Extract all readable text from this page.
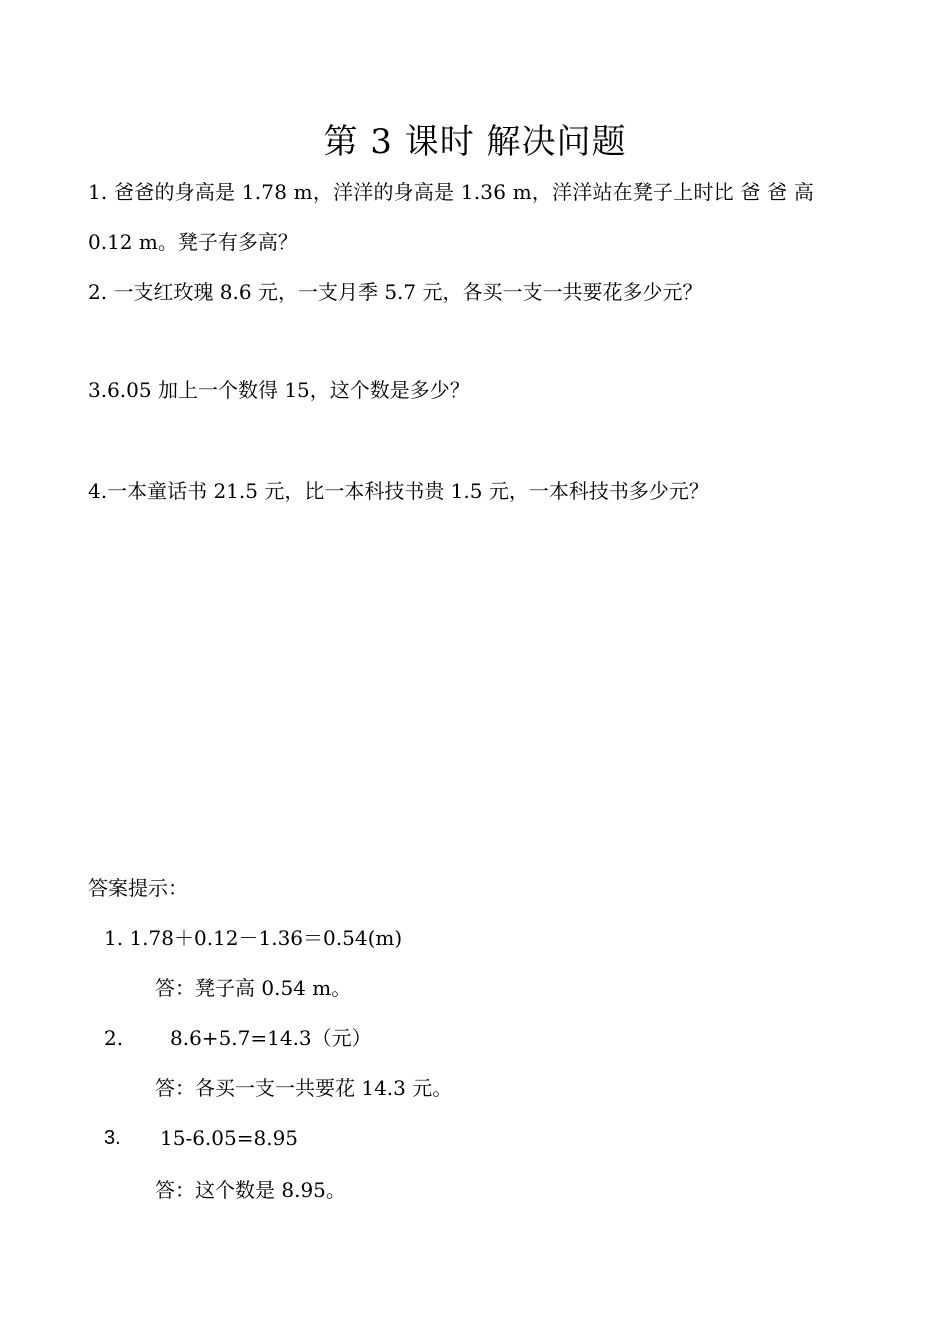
第 3 课时 解决问题
1. 爸爸的身高是 1.78 m，洋洋的身高是 1.36 m，洋洋站在凳子上时比 爸 爸 高
0.12 m。凳子有多高？
2. 一支红玫瑰 8.6 元，一支月季 5.7 元，各买一支一共要花多少元？
3.6.05 加上一个数得 15，这个数是多少？
4.一本童话书 21.5 元，比一本科技书贵 1.5 元，一本科技书多少元？
答案提示：
1. 1.78＋0.12－1.36＝0.54(m)
答：凳子高 0.54 m。
2. 8.6+5.7=14.3（元）
答：各买一支一共要花 14.3 元。
3. 15-6.05=8.95
答：这个数是 8.95。
